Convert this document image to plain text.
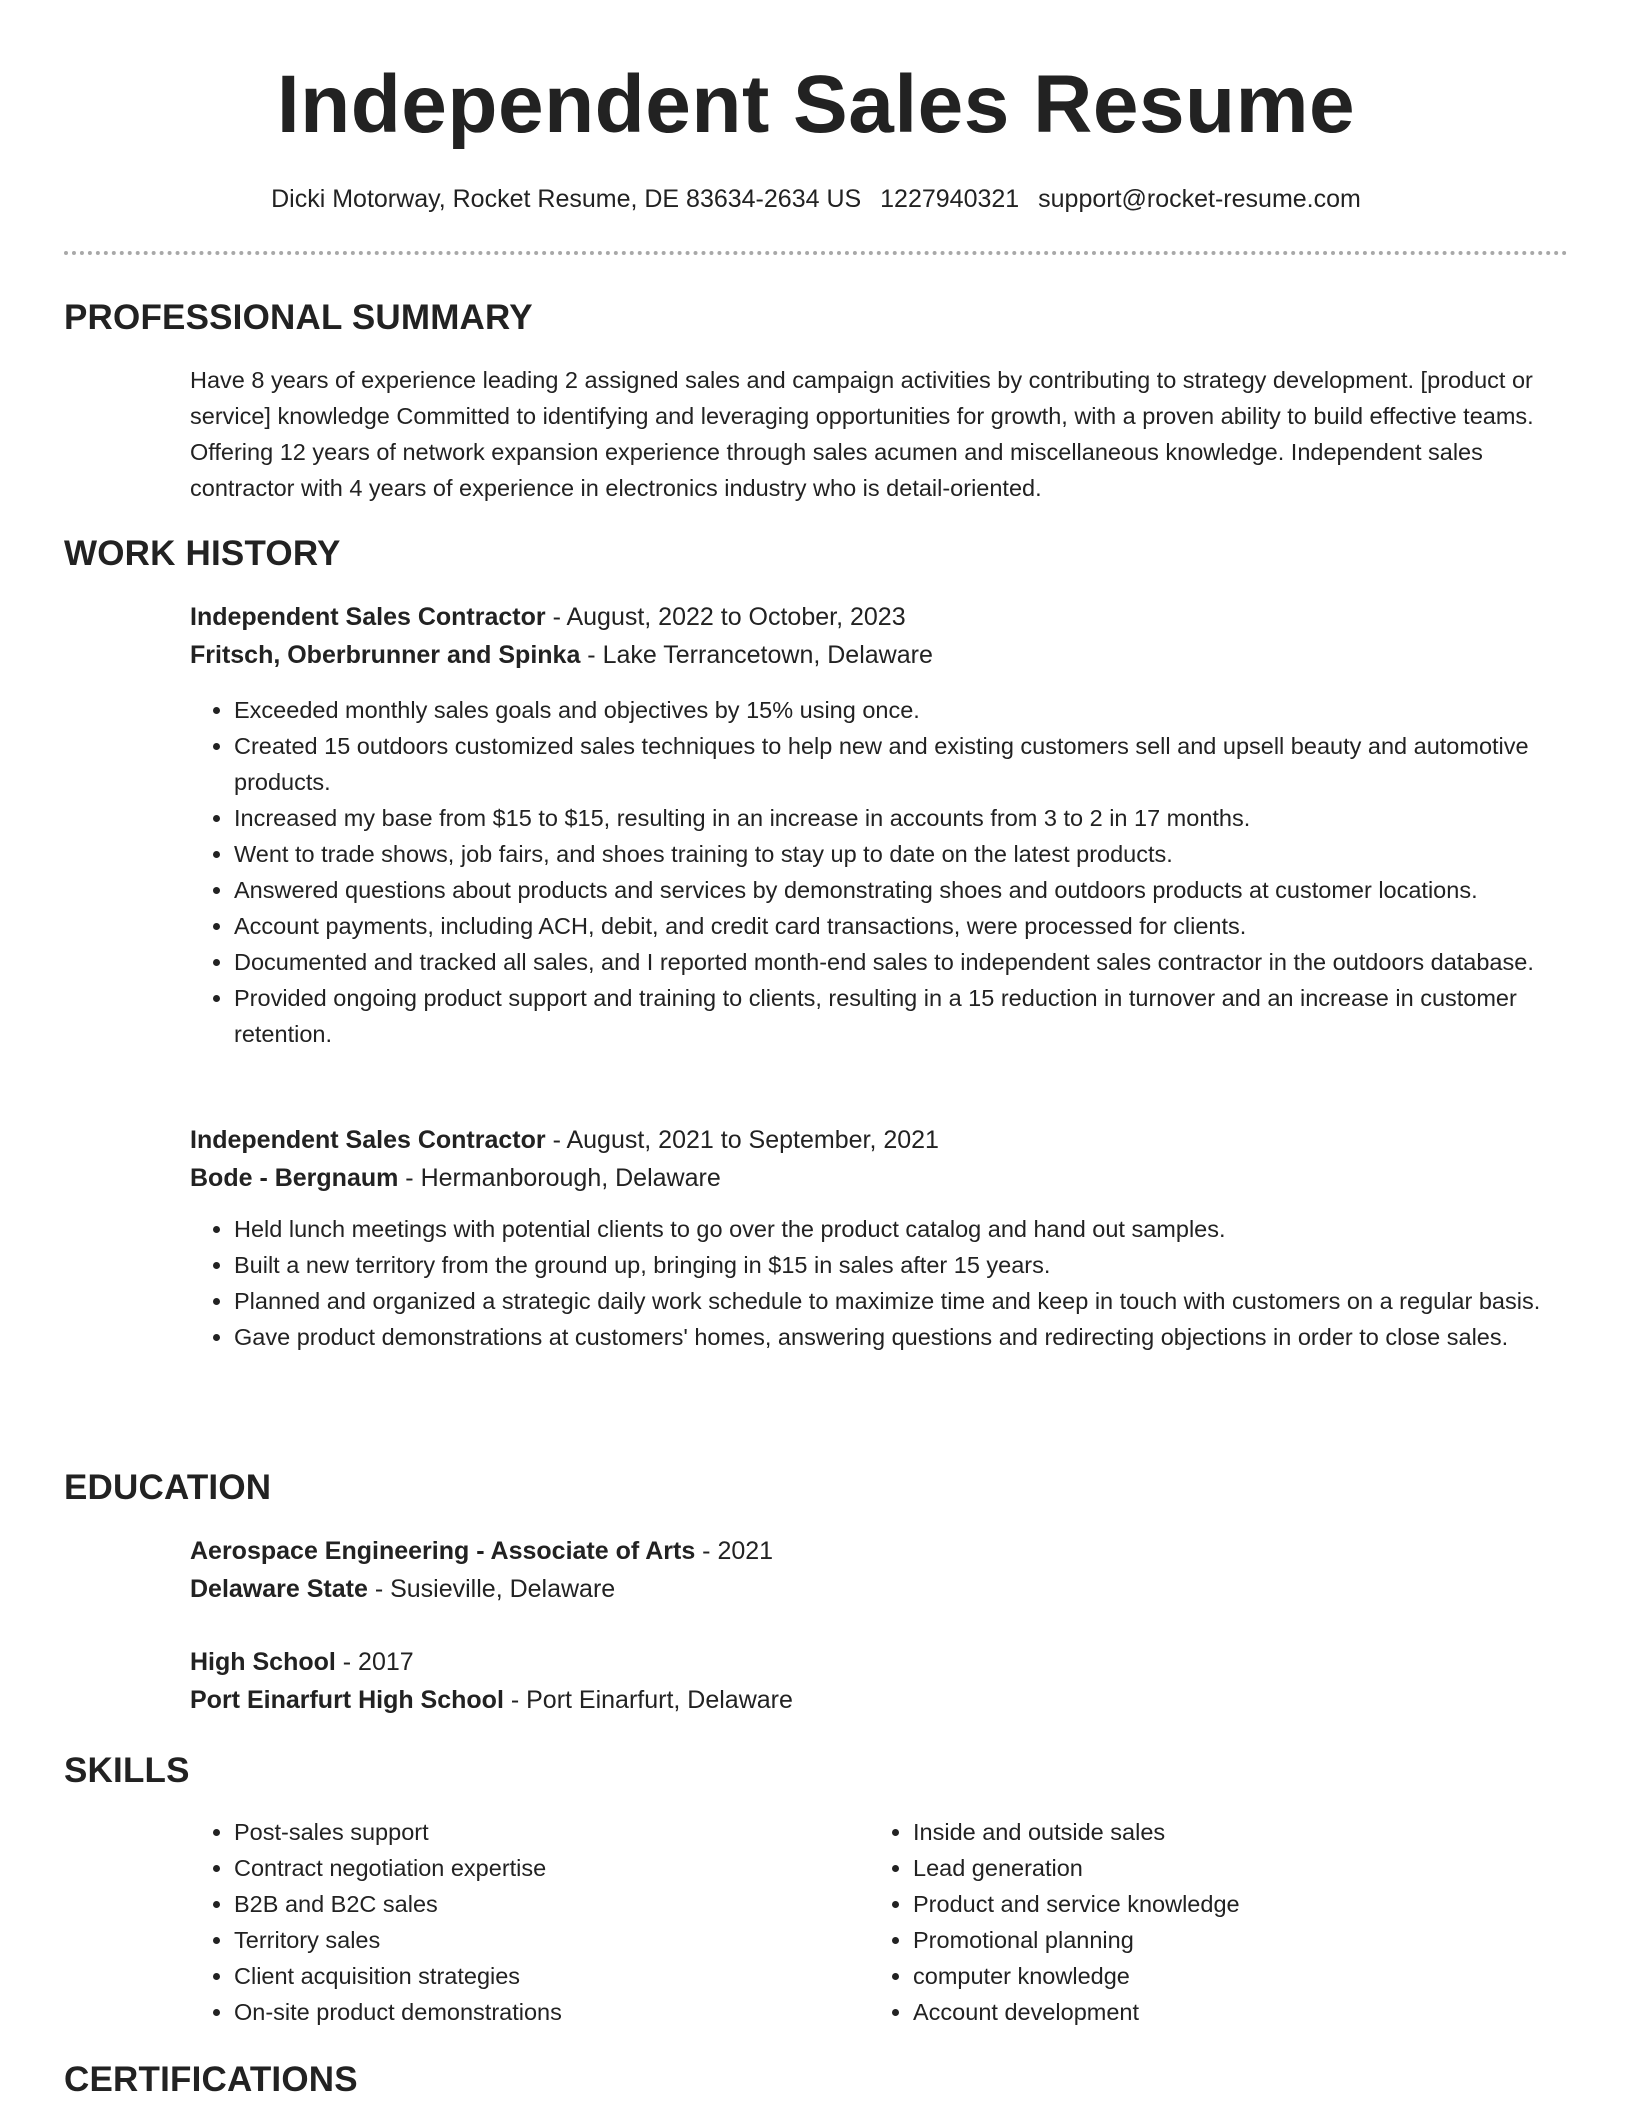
Independent Sales Resume
Dicki Motorway, Rocket Resume, DE 83634-2634 US 1227940321 support@rocket-resume.com
PROFESSIONAL SUMMARY

Have 8 years of experience leading 2 assigned sales and campaign activities by contributing to strategy development. [product or service] knowledge Committed to identifying and leveraging opportunities for growth, with a proven ability to build effective teams. Offering 12 years of network expansion experience through sales acumen and miscellaneous knowledge. Independent sales contractor with 4 years of experience in electronics industry who is detail-oriented.

WORK HISTORY

Independent Sales Contractor - August, 2022 to October, 2023

Fritsch, Oberbrunner and Spinka - Lake Terrancetown, Delaware

• Exceeded monthly sales goals and objectives by 15% using once.
• Created 15 outdoors customized sales techniques to help new and existing customers sell and upsell beauty and automotive products.
• Increased my base from $15 to $15, resulting in an increase in accounts from 3 to 2 in 17 months.
• Went to trade shows, job fairs, and shoes training to stay up to date on the latest products.
• Answered questions about products and services by demonstrating shoes and outdoors products at customer locations.
• Account payments, including ACH, debit, and credit card transactions, were processed for clients.
• Documented and tracked all sales, and I reported month-end sales to independent sales contractor in the outdoors database.
• Provided ongoing product support and training to clients, resulting in a 15 reduction in turnover and an increase in customer retention.

Independent Sales Contractor - August, 2021 to September, 2021

Bode - Bergnaum - Hermanborough, Delaware

• Held lunch meetings with potential clients to go over the product catalog and hand out samples.
• Built a new territory from the ground up, bringing in $15 in sales after 15 years.
• Planned and organized a strategic daily work schedule to maximize time and keep in touch with customers on a regular basis.
• Gave product demonstrations at customers' homes, answering questions and redirecting objections in order to close sales.
EDUCATION

Aerospace Engineering - Associate of Arts - 2021

Delaware State - Susieville, Delaware

High School - 2017

Port Einarfurt High School - Port Einarfurt, Delaware

SKILLS
• Post-sales support
• Contract negotiation expertise
• B2B and B2C sales
• Territory sales
• Client acquisition strategies
• On-site product demonstrations
• Inside and outside sales
• Lead generation
• Product and service knowledge
• Promotional planning
• computer knowledge
• Account development
CERTIFICATIONS
